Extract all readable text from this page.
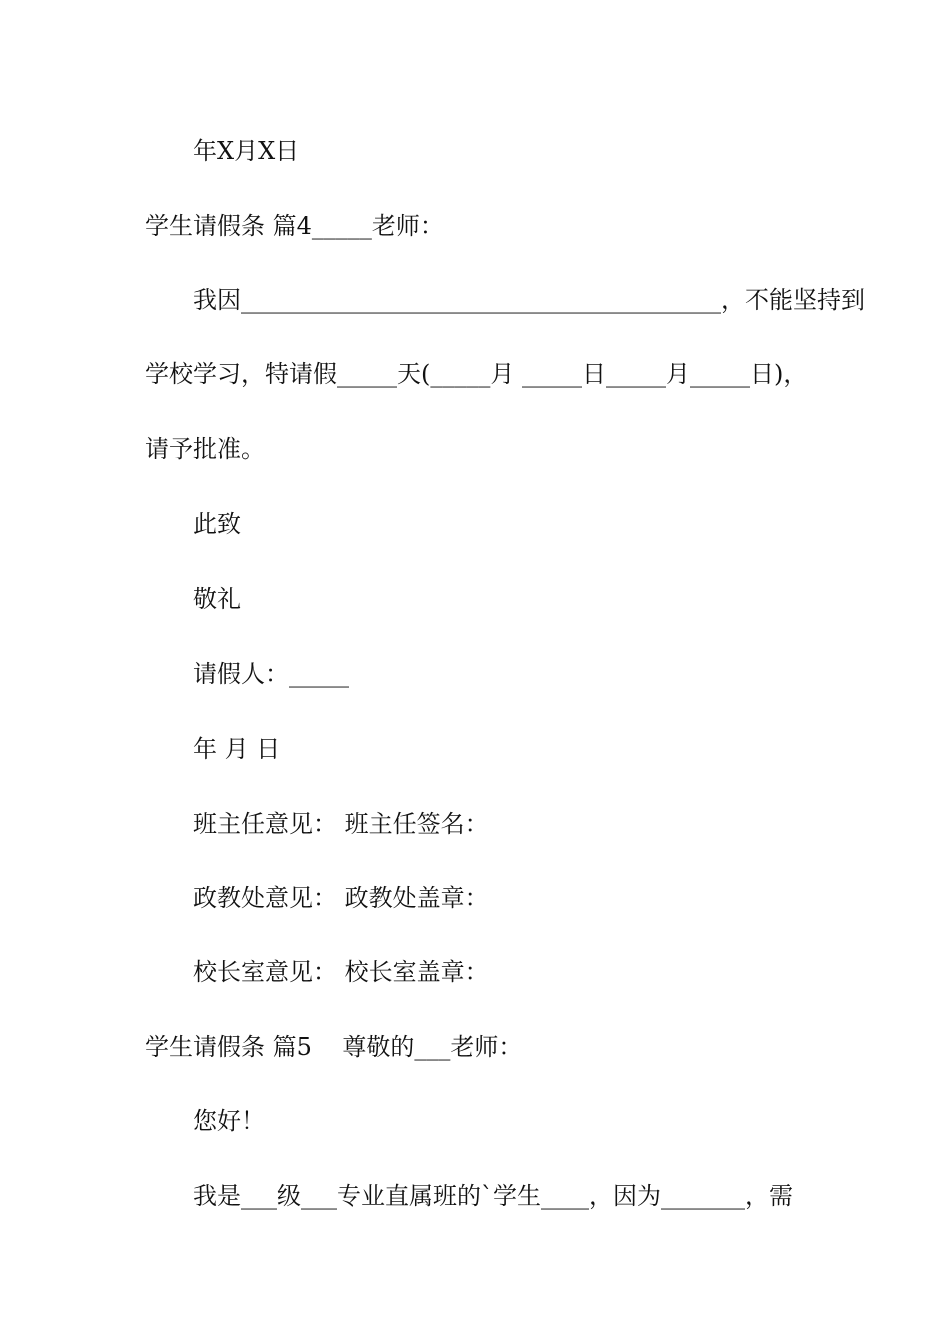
年X月X日
学生请假条 篇4_____老师：
我因________________________________________，不能坚持到
学校学习，特请假_____天(_____月 _____日_____月_____日)，
请予批准。
此致
敬礼
请假人：_____
年 月 日
班主任意见： 班主任签名：
政教处意见： 政教处盖章：
校长室意见： 校长室盖章：
学生请假条 篇5    尊敬的___老师：
您好！
我是___级___专业直属班的`学生____，因为_______，需
